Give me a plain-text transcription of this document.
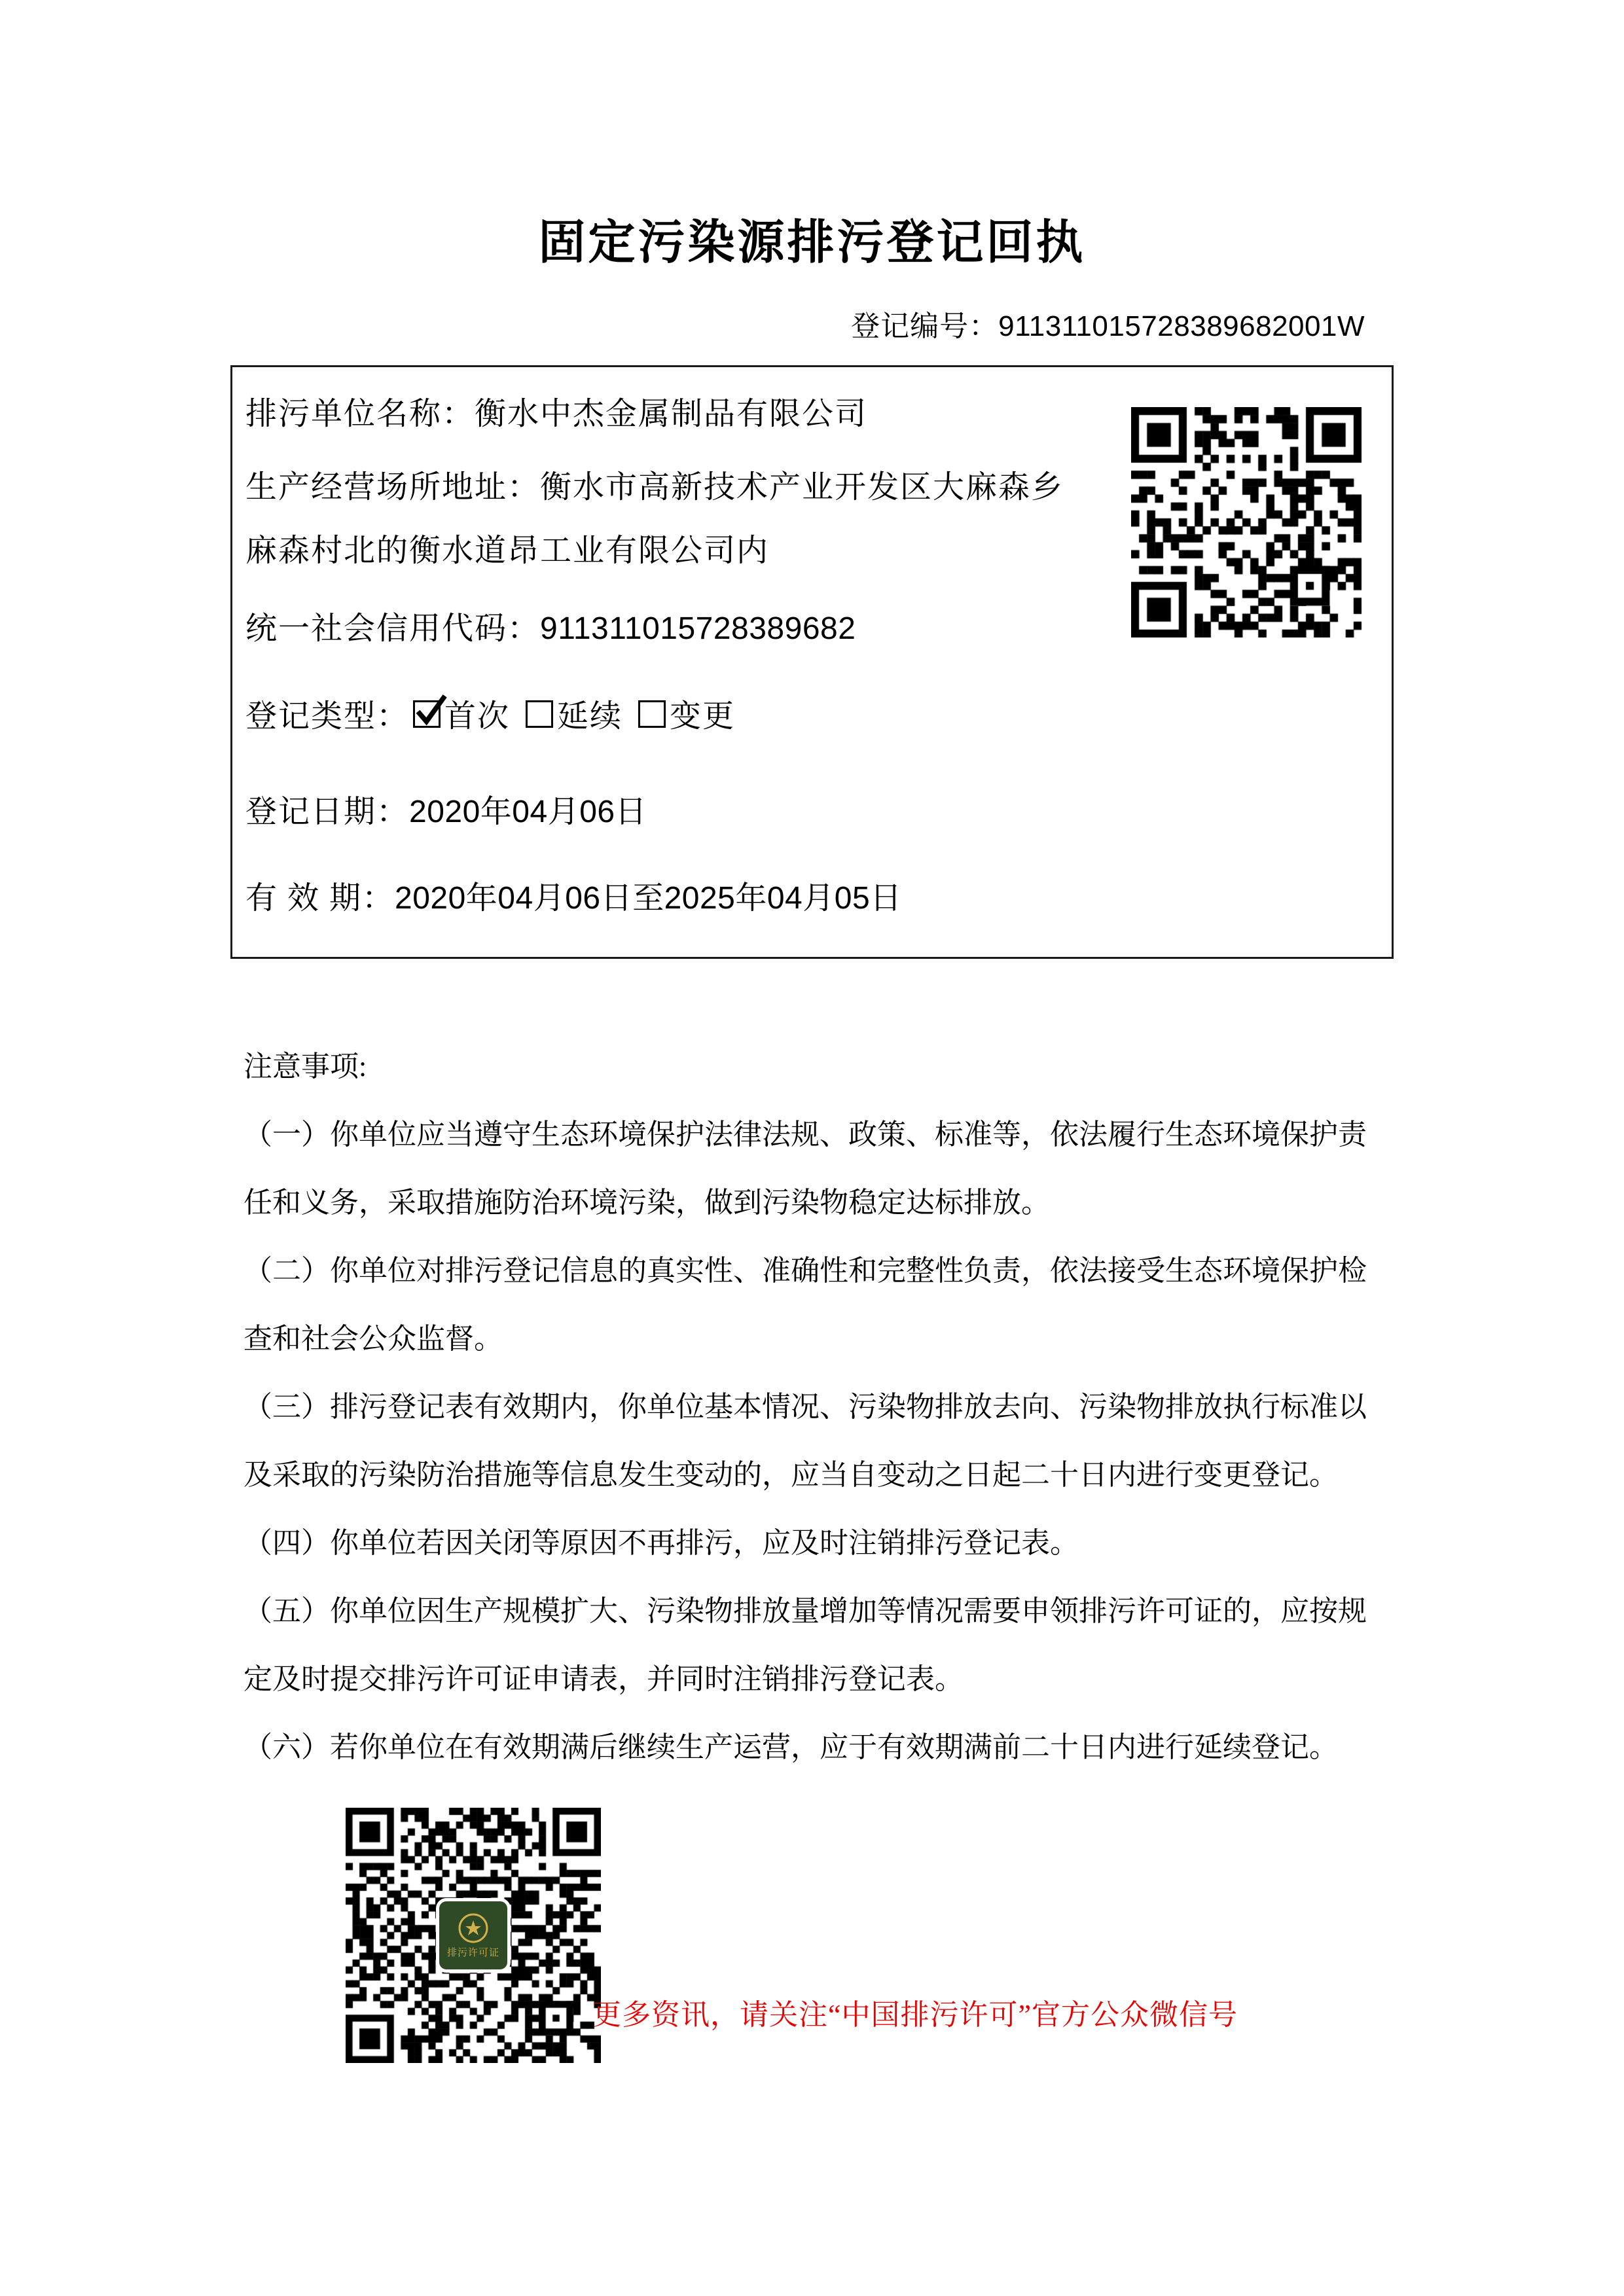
固定污染源排污登记回执
登记编号：911311015728389682001W
排污单位名称：衡水中杰金属制品有限公司
生产经营场所地址：衡水市高新技术产业开发区大麻森乡
麻森村北的衡水道昂工业有限公司内
统一社会信用代码：911311015728389682
登记类型： 首次 延续 变更
登记日期：2020年04月06日
有 效 期：2020年04月06日至2025年04月05日
注意事项:
（一）你单位应当遵守生态环境保护法律法规、政策、标准等，依法履行生态环境保护责
任和义务，采取措施防治环境污染，做到污染物稳定达标排放。
（二）你单位对排污登记信息的真实性、准确性和完整性负责，依法接受生态环境保护检
查和社会公众监督。
（三）排污登记表有效期内，你单位基本情况、污染物排放去向、污染物排放执行标准以
及采取的污染防治措施等信息发生变动的，应当自变动之日起二十日内进行变更登记。
（四）你单位若因关闭等原因不再排污，应及时注销排污登记表。
（五）你单位因生产规模扩大、污染物排放量增加等情况需要申领排污许可证的，应按规
定及时提交排污许可证申请表，并同时注销排污登记表。
（六）若你单位在有效期满后继续生产运营，应于有效期满前二十日内进行延续登记。
排污许可证
更多资讯，请关注“中国排污许可”官方公众微信号
